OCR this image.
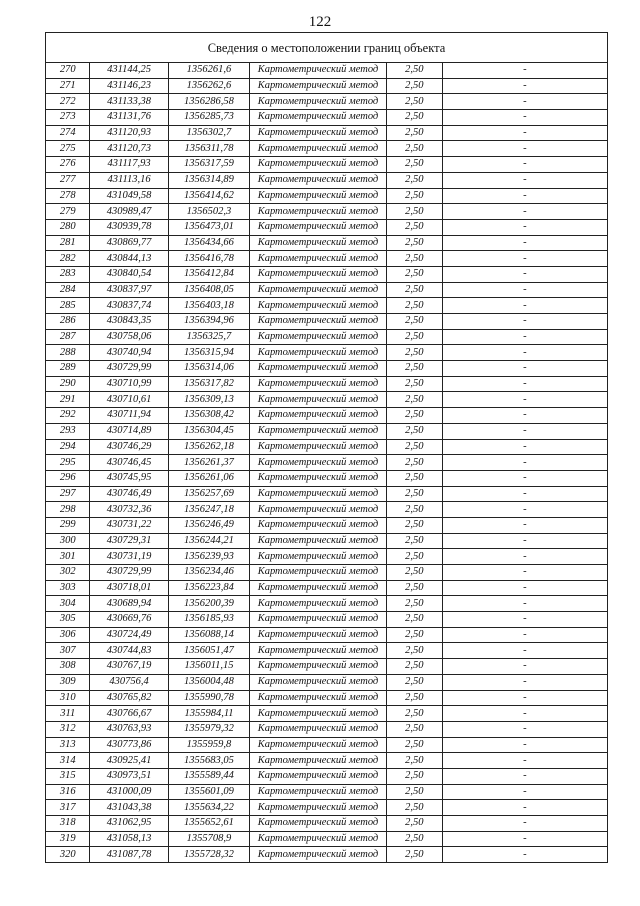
122
Сведения о местоположении границ объекта					
270	431144,25	1356261,6	Картометрический метод	2,50	-
271	431146,23	1356262,6	Картометрический метод	2,50	-
272	431133,38	1356286,58	Картометрический метод	2,50	-
273	431131,76	1356285,73	Картометрический метод	2,50	-
274	431120,93	1356302,7	Картометрический метод	2,50	-
275	431120,73	1356311,78	Картометрический метод	2,50	-
276	431117,93	1356317,59	Картометрический метод	2,50	-
277	431113,16	1356314,89	Картометрический метод	2,50	-
278	431049,58	1356414,62	Картометрический метод	2,50	-
279	430989,47	1356502,3	Картометрический метод	2,50	-
280	430939,78	1356473,01	Картометрический метод	2,50	-
281	430869,77	1356434,66	Картометрический метод	2,50	-
282	430844,13	1356416,78	Картометрический метод	2,50	-
283	430840,54	1356412,84	Картометрический метод	2,50	-
284	430837,97	1356408,05	Картометрический метод	2,50	-
285	430837,74	1356403,18	Картометрический метод	2,50	-
286	430843,35	1356394,96	Картометрический метод	2,50	-
287	430758,06	1356325,7	Картометрический метод	2,50	-
288	430740,94	1356315,94	Картометрический метод	2,50	-
289	430729,99	1356314,06	Картометрический метод	2,50	-
290	430710,99	1356317,82	Картометрический метод	2,50	-
291	430710,61	1356309,13	Картометрический метод	2,50	-
292	430711,94	1356308,42	Картометрический метод	2,50	-
293	430714,89	1356304,45	Картометрический метод	2,50	-
294	430746,29	1356262,18	Картометрический метод	2,50	-
295	430746,45	1356261,37	Картометрический метод	2,50	-
296	430745,95	1356261,06	Картометрический метод	2,50	-
297	430746,49	1356257,69	Картометрический метод	2,50	-
298	430732,36	1356247,18	Картометрический метод	2,50	-
299	430731,22	1356246,49	Картометрический метод	2,50	-
300	430729,31	1356244,21	Картометрический метод	2,50	-
301	430731,19	1356239,93	Картометрический метод	2,50	-
302	430729,99	1356234,46	Картометрический метод	2,50	-
303	430718,01	1356223,84	Картометрический метод	2,50	-
304	430689,94	1356200,39	Картометрический метод	2,50	-
305	430669,76	1356185,93	Картометрический метод	2,50	-
306	430724,49	1356088,14	Картометрический метод	2,50	-
307	430744,83	1356051,47	Картометрический метод	2,50	-
308	430767,19	1356011,15	Картометрический метод	2,50	-
309	430756,4	1356004,48	Картометрический метод	2,50	-
310	430765,82	1355990,78	Картометрический метод	2,50	-
311	430766,67	1355984,11	Картометрический метод	2,50	-
312	430763,93	1355979,32	Картометрический метод	2,50	-
313	430773,86	1355959,8	Картометрический метод	2,50	-
314	430925,41	1355683,05	Картометрический метод	2,50	-
315	430973,51	1355589,44	Картометрический метод	2,50	-
316	431000,09	1355601,09	Картометрический метод	2,50	-
317	431043,38	1355634,22	Картометрический метод	2,50	-
318	431062,95	1355652,61	Картометрический метод	2,50	-
319	431058,13	1355708,9	Картометрический метод	2,50	-
320	431087,78	1355728,32	Картометрический метод	2,50	-
